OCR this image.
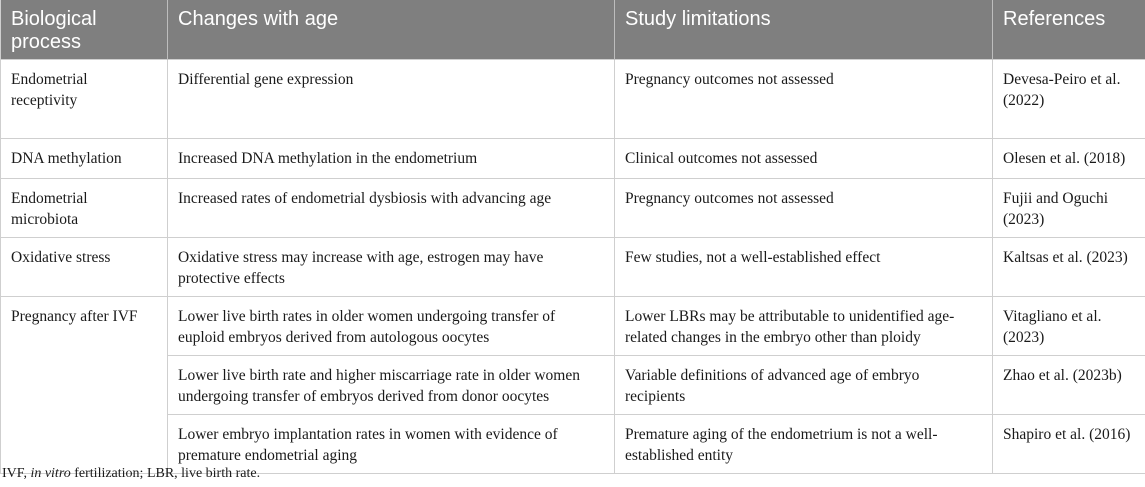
Biological process	Changes with age	Study limitations	References
Endometrial receptivity	Differential gene expression	Pregnancy outcomes not assessed	Devesa-Peiro et al. (2022)
DNA methylation	Increased DNA methylation in the endometrium	Clinical outcomes not assessed	Olesen et al. (2018)
Endometrial microbiota	Increased rates of endometrial dysbiosis with advancing age	Pregnancy outcomes not assessed	Fujii and Oguchi (2023)
Oxidative stress	Oxidative stress may increase with age, estrogen may have protective effects	Few studies, not a well-established effect	Kaltsas et al. (2023)
Pregnancy after IVF	Lower live birth rates in older women undergoing transfer of euploid embryos derived from autologous oocytes	Lower LBRs may be attributable to unidentified age-related changes in the embryo other than ploidy	Vitagliano et al. (2023)
	Lower live birth rate and higher miscarriage rate in older women undergoing transfer of embryos derived from donor oocytes	Variable definitions of advanced age of embryo recipients	Zhao et al. (2023b)
	Lower embryo implantation rates in women with evidence of premature endometrial aging	Premature aging of the endometrium is not a well-established entity	Shapiro et al. (2016)
IVF, in vitro fertilization; LBR, live birth rate.
